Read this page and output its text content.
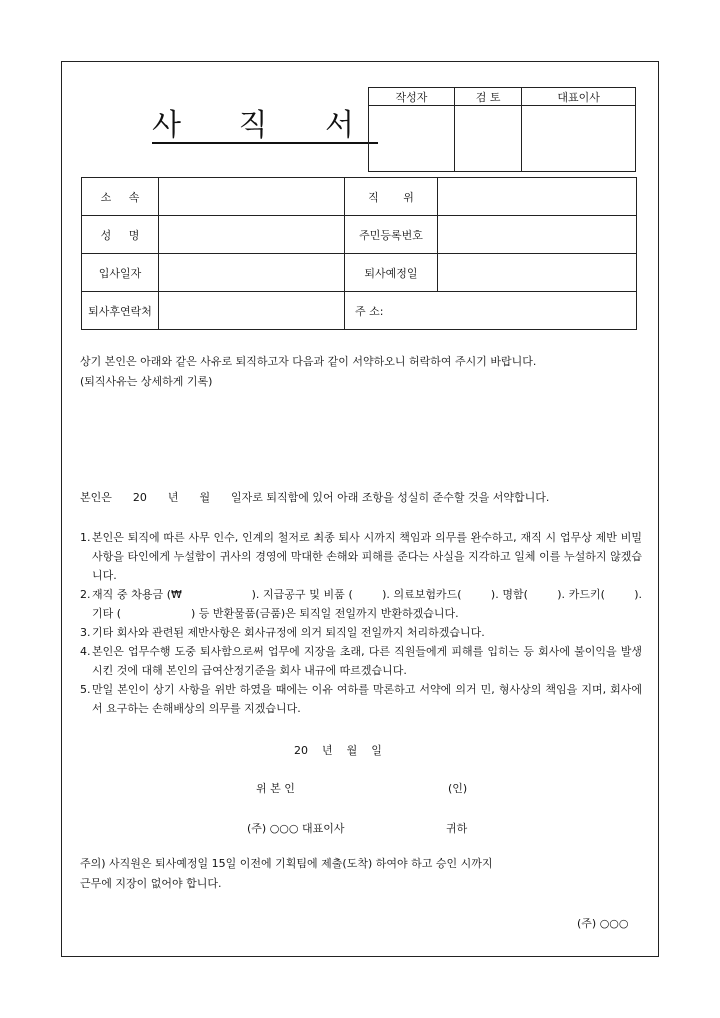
사 직 서
작성자	검 토	대표이사

소     속		직       위	
성     명		주민등록번호	
입사일자		퇴사예정일	
퇴사후연락처		주 소:	
상기 본인은 아래와 같은 사유로 퇴직하고자 다음과 같이 서약하오니 허락하여 주시기 바랍니다.
(퇴직사유는 상세하게 기록)
본인은      20      년      월      일자로 퇴직함에 있어 아래 조항을 성실히 준수할 것을 서약합니다.
1. 본인은 퇴직에 따른 사무 인수, 인계의 철저로 최종 퇴사 시까지 책임과 의무를 완수하고, 재직 시 업무상 제반 비밀사항을 타인에게 누설함이 귀사의 경영에 막대한 손해와 피해를 준다는 사실을 지각하고 일체 이를 누설하지 않겠습니다.
2. 재직 중 차용금 (₩                   ). 지급공구 및 비품 (        ). 의료보험카드(        ). 명함(        ). 카드키(        ). 기타 (                    ) 등 반환물품(금품)은 퇴직일 전일까지 반환하겠습니다.
3. 기타 회사와 관련된 제반사항은 회사규정에 의거 퇴직일 전일까지 처리하겠습니다.
4. 본인은 업무수행 도중 퇴사함으로써 업무에 지장을 초래, 다른 직원들에게 피해를 입히는 등 회사에 불이익을 발생시킨 것에 대해 본인의 급여산정기준을 회사 내규에 따르겠습니다.
5. 만일 본인이 상기 사항을 위반 하였을 때에는 이유 여하를 막론하고 서약에 의거 민, 형사상의 책임을 지며, 회사에서 요구하는 손해배상의 의무를 지겠습니다.
20    년    월    일
위 본 인	(인)
(주) ○○○ 대표이사	귀하
주의) 사직원은 퇴사예정일 15일 이전에 기획팀에 제출(도착) 하여야 하고 승인 시까지
근무에 지장이 없어야 합니다.
(주) ○○○
